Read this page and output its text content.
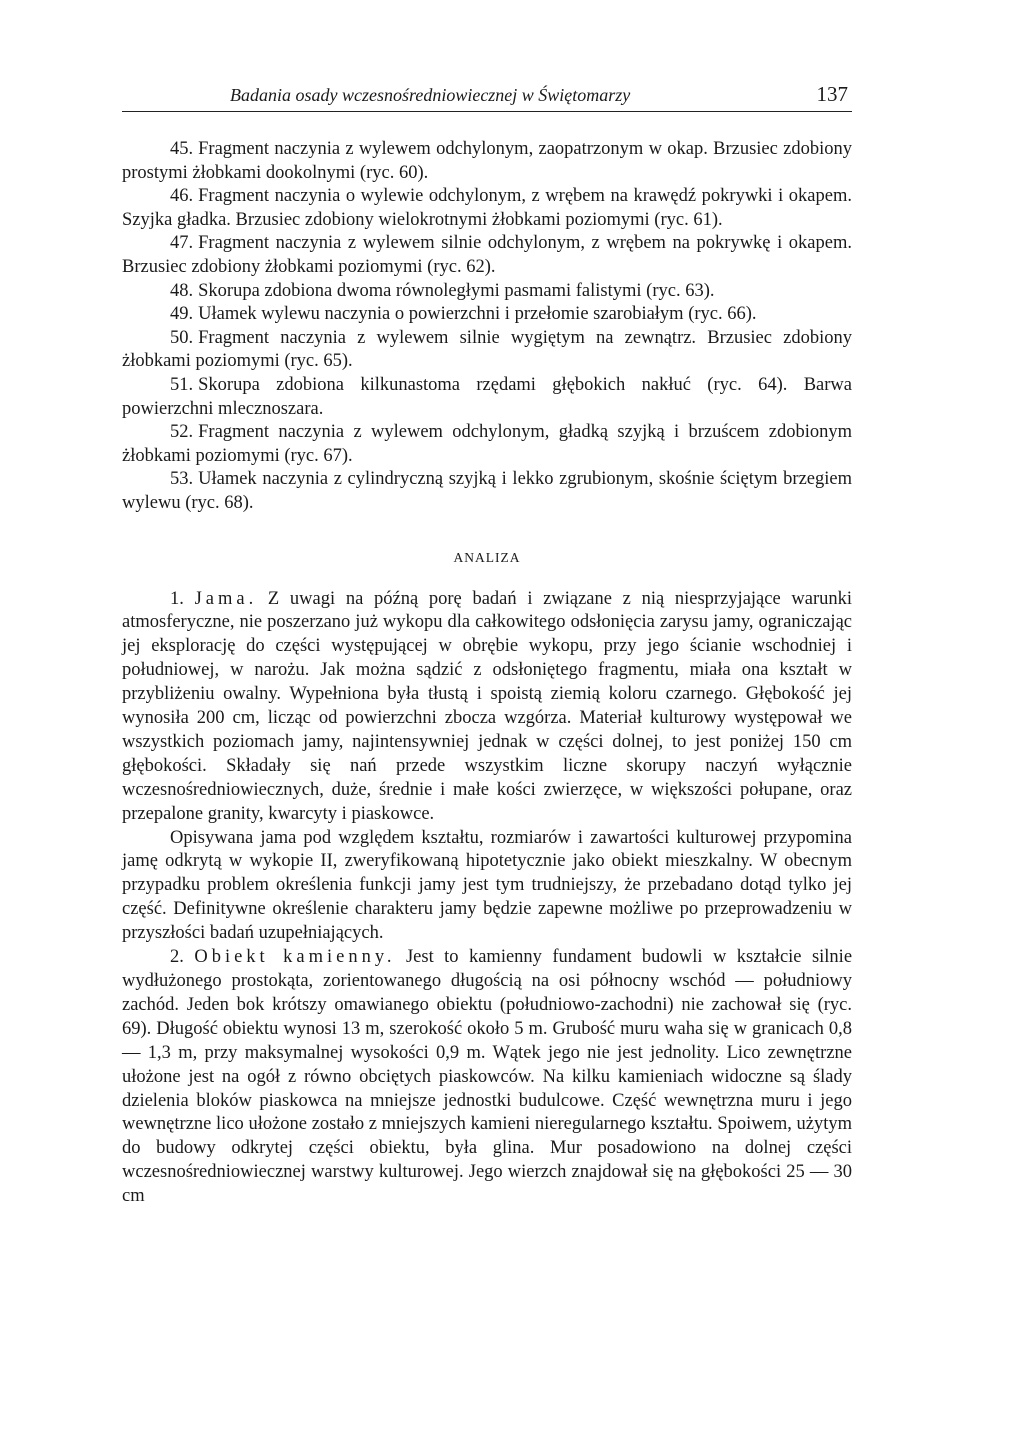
Badania osady wczesnośredniowiecznej w Świętomarzy	137

45. Fragment naczynia z wylewem odchylonym, zaopatrzonym w okap. Brzusiec zdobiony prostymi żłobkami dookolnymi (ryc. 60).

46. Fragment naczynia o wylewie odchylonym, z wrębem na krawędź pokrywki i okapem. Szyjka gładka. Brzusiec zdobiony wielokrotnymi żłobkami poziomymi (ryc. 61).

47. Fragment naczynia z wylewem silnie odchylonym, z wrębem na pokrywkę i okapem. Brzusiec zdobiony żłobkami poziomymi (ryc. 62).

48. Skorupa zdobiona dwoma równoległymi pasmami falistymi (ryc. 63).

49. Ułamek wylewu naczynia o powierzchni i przełomie szarobiałym (ryc. 66).

50. Fragment naczynia z wylewem silnie wygiętym na zewnątrz. Brzusiec zdobiony żłobkami poziomymi (ryc. 65).

51. Skorupa zdobiona kilkunastoma rzędami głębokich nakłuć (ryc. 64). Barwa powierzchni mlecznoszara.

52. Fragment naczynia z wylewem odchylonym, gładką szyjką i brzuścem zdobionym żłobkami poziomymi (ryc. 67).

53. Ułamek naczynia z cylindryczną szyjką i lekko zgrubionym, skośnie ściętym brzegiem wylewu (ryc. 68).

ANALIZA

1. Jama. Z uwagi na późną porę badań i związane z nią niesprzyjające warunki atmosferyczne, nie poszerzano już wykopu dla całkowitego odsłonięcia zarysu jamy, ograniczając jej eksplorację do części występującej w obrębie wykopu, przy jego ścianie wschodniej i południowej, w narożu. Jak można sądzić z odsłoniętego fragmentu, miała ona kształt w przybliżeniu owalny. Wypełniona była tłustą i spoistą ziemią koloru czarnego. Głębokość jej wynosiła 200 cm, licząc od powierzchni zbocza wzgórza. Materiał kulturowy występował we wszystkich poziomach jamy, najintensywniej jednak w części dolnej, to jest poniżej 150 cm głębokości. Składały się nań przede wszystkim liczne skorupy naczyń wyłącznie wczesnośredniowiecznych, duże, średnie i małe kości zwierzęce, w większości połupane, oraz przepalone granity, kwarcyty i piaskowce.

Opisywana jama pod względem kształtu, rozmiarów i zawartości kulturowej przypomina jamę odkrytą w wykopie II, zweryfikowaną hipotetycznie jako obiekt mieszkalny. W obecnym przypadku problem określenia funkcji jamy jest tym trudniejszy, że przebadano dotąd tylko jej część. Definitywne określenie charakteru jamy będzie zapewne możliwe po przeprowadzeniu w przyszłości badań uzupełniających.

2. Obiekt kamienny. Jest to kamienny fundament budowli w kształcie silnie wydłużonego prostokąta, zorientowanego długością na osi północny wschód — południowy zachód. Jeden bok krótszy omawianego obiektu (południowo-zachodni) nie zachował się (ryc. 69). Długość obiektu wynosi 13 m, szerokość około 5 m. Grubość muru waha się w granicach 0,8 — 1,3 m, przy maksymalnej wysokości 0,9 m. Wątek jego nie jest jednolity. Lico zewnętrzne ułożone jest na ogół z równo obciętych piaskowców. Na kilku kamieniach widoczne są ślady dzielenia bloków piaskowca na mniejsze jednostki budulcowe. Część wewnętrzna muru i jego wewnętrzne lico ułożone zostało z mniejszych kamieni nieregularnego kształtu. Spoiwem, użytym do budowy odkrytej części obiektu, była glina. Mur posadowiono na dolnej części wczesnośredniowiecznej warstwy kulturowej. Jego wierzch znajdował się na głębokości 25 — 30 cm
